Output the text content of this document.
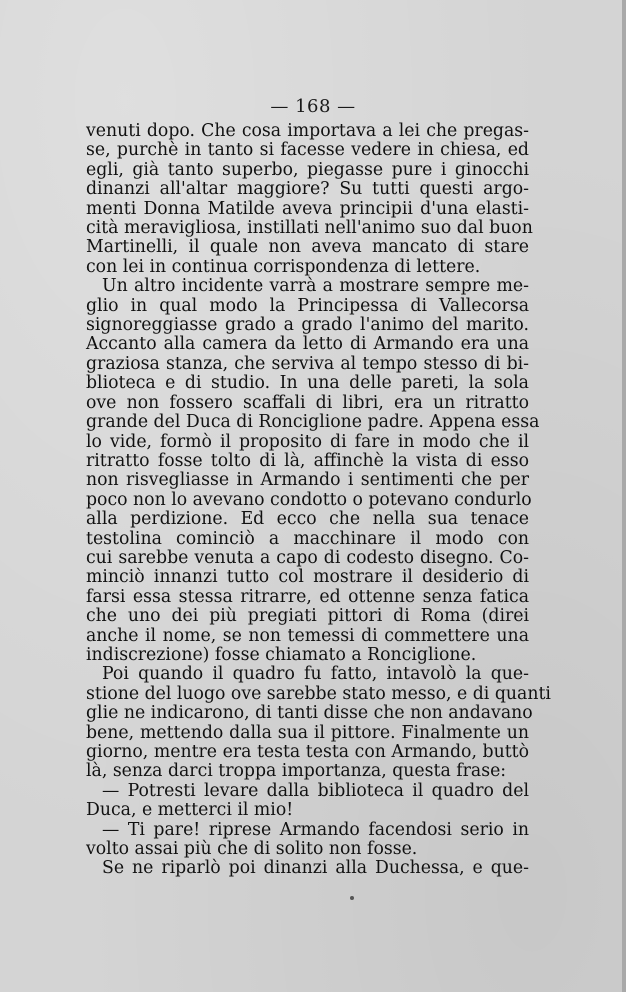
— 168 —
venuti dopo. Che cosa importava a lei che pregas-
se, purchè in tanto si facesse vedere in chiesa, ed
egli, già tanto superbo, piegasse pure i ginocchi
dinanzi all'altar maggiore? Su tutti questi argo-
menti Donna Matilde aveva principii d'una elasti-
cità meravigliosa, instillati nell'animo suo dal buon
Martinelli, il quale non aveva mancato di stare
con lei in continua corrispondenza di lettere.
Un altro incidente varrà a mostrare sempre me-
glio in qual modo la Principessa di Vallecorsa
signoreggiasse grado a grado l'animo del marito.
Accanto alla camera da letto di Armando era una
graziosa stanza, che serviva al tempo stesso di bi-
blioteca e di studio. In una delle pareti, la sola
ove non fossero scaffali di libri, era un ritratto
grande del Duca di Ronciglione padre. Appena essa
lo vide, formò il proposito di fare in modo che il
ritratto fosse tolto di là, affinchè la vista di esso
non risvegliasse in Armando i sentimenti che per
poco non lo avevano condotto o potevano condurlo
alla perdizione. Ed ecco che nella sua tenace
testolina cominciò a macchinare il modo con
cui sarebbe venuta a capo di codesto disegno. Co-
minciò innanzi tutto col mostrare il desiderio di
farsi essa stessa ritrarre, ed ottenne senza fatica
che uno dei più pregiati pittori di Roma (direi
anche il nome, se non temessi di commettere una
indiscrezione) fosse chiamato a Ronciglione.
Poi quando il quadro fu fatto, intavolò la que-
stione del luogo ove sarebbe stato messo, e di quanti
glie ne indicarono, di tanti disse che non andavano
bene, mettendo dalla sua il pittore. Finalmente un
giorno, mentre era testa testa con Armando, buttò
là, senza darci troppa importanza, questa frase:
— Potresti levare dalla biblioteca il quadro del
Duca, e metterci il mio!
— Ti pare! riprese Armando facendosi serio in
volto assai più che di solito non fosse.
Se ne riparlò poi dinanzi alla Duchessa, e que-
